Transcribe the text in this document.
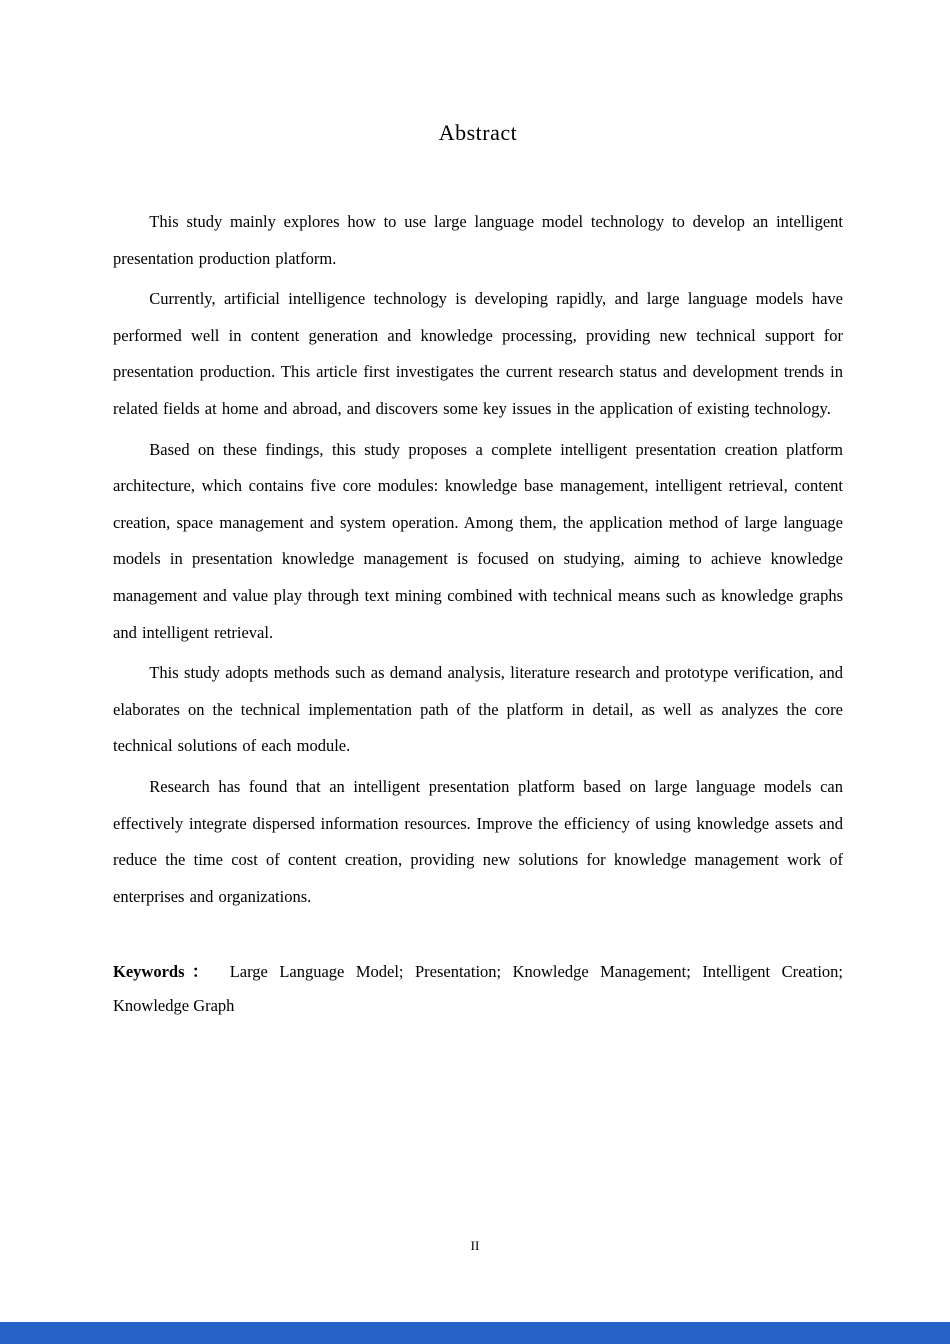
Abstract

This study mainly explores how to use large language model technology to develop an intelligent presentation production platform.

Currently, artificial intelligence technology is developing rapidly, and large language models have performed well in content generation and knowledge processing, providing new technical support for presentation production. This article first investigates the current research status and development trends in related fields at home and abroad, and discovers some key issues in the application of existing technology.

Based on these findings, this study proposes a complete intelligent presentation creation platform architecture, which contains five core modules: knowledge base management, intelligent retrieval, content creation, space management and system operation. Among them, the application method of large language models in presentation knowledge management is focused on studying, aiming to achieve knowledge management and value play through text mining combined with technical means such as knowledge graphs and intelligent retrieval.

This study adopts methods such as demand analysis, literature research and prototype verification, and elaborates on the technical implementation path of the platform in detail, as well as analyzes the core technical solutions of each module.

Research has found that an intelligent presentation platform based on large language models can effectively integrate dispersed information resources. Improve the efficiency of using knowledge assets and reduce the time cost of content creation, providing new solutions for knowledge management work of enterprises and organizations.

Keywords： Large Language Model; Presentation; Knowledge Management; Intelligent Creation; Knowledge Graph

II
